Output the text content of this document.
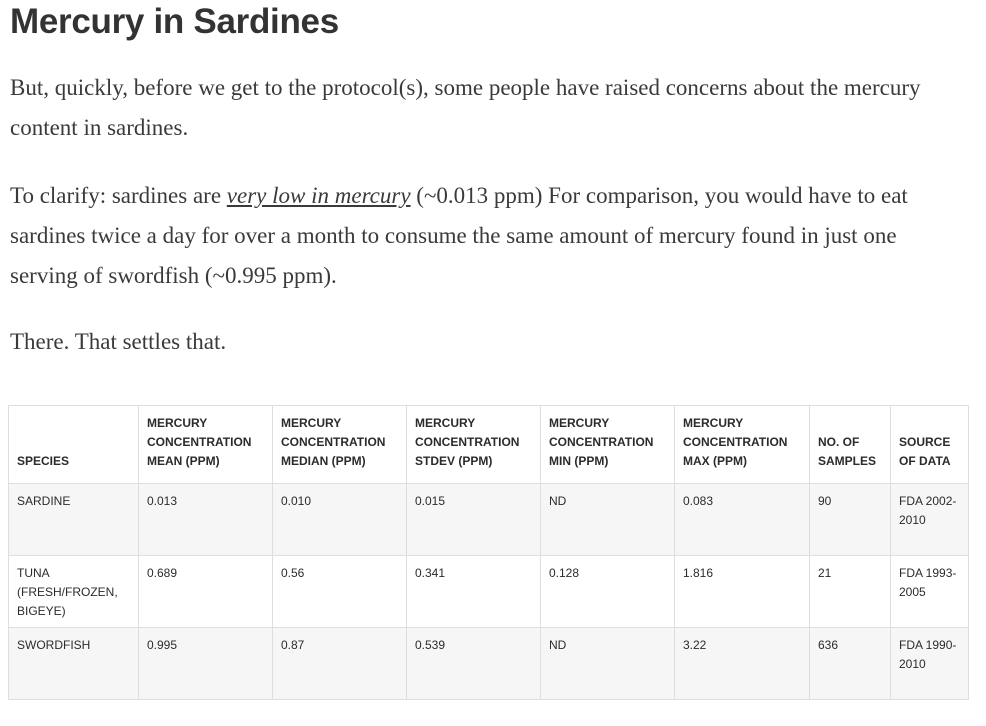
Mercury in Sardines

But, quickly, before we get to the protocol(s), some people have raised concerns about the mercury content in sardines.

To clarify: sardines are very low in mercury (~0.013 ppm) For comparison, you would have to eat sardines twice a day for over a month to consume the same amount of mercury found in just one serving of swordfish (~0.995 ppm).

There. That settles that.

SPECIES	MERCURY CONCENTRATION MEAN (PPM)	MERCURY CONCENTRATION MEDIAN (PPM)	MERCURY CONCENTRATION STDEV (PPM)	MERCURY CONCENTRATION MIN (PPM)	MERCURY CONCENTRATION MAX (PPM)	NO. OF SAMPLES	SOURCE OF DATA
SARDINE	0.013	0.010	0.015	ND	0.083	90	FDA 2002-2010
TUNA (FRESH/FROZEN, BIGEYE)	0.689	0.56	0.341	0.128	1.816	21	FDA 1993-2005
SWORDFISH	0.995	0.87	0.539	ND	3.22	636	FDA 1990-2010
